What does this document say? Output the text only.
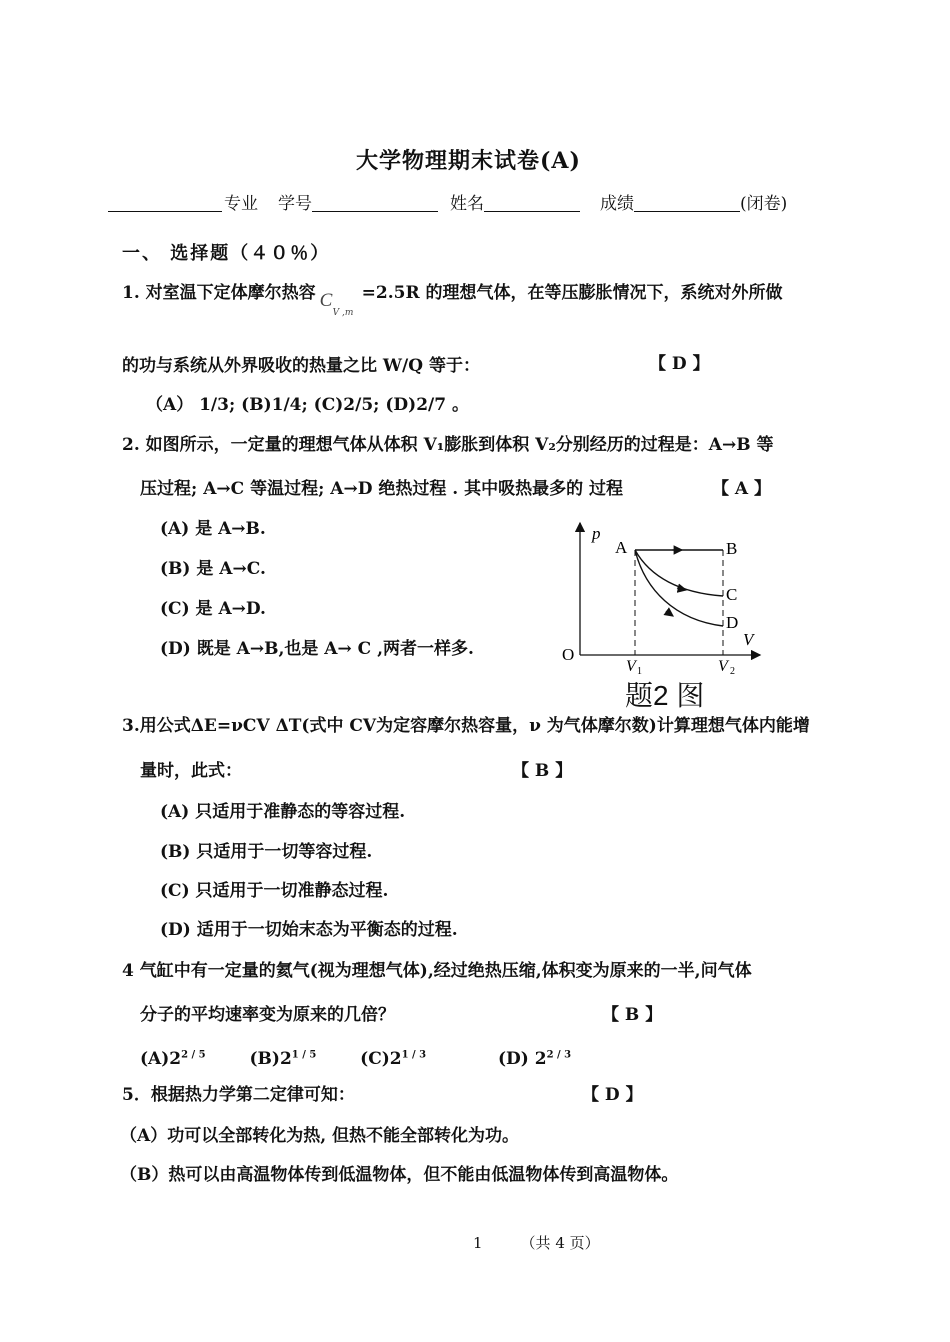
大学物理期末试卷(A)
专业 学号	姓名	成绩	(闭卷)
一、 选择题（４０％）
1. 对室温下定体摩尔热容 C
V ,m
=2.5R 的理想气体，在等压膨胀情况下，系统对外所做
的功与系统从外界吸收的热量之比 W/Q 等于：	【 D 】
（A） 1/3; (B)1/4; (C)2/5; (D)2/7 。
2. 如图所示，一定量的理想气体从体积 V₁膨胀到体积 V₂分别经历的过程是：A→B 等
压过程; A→C 等温过程; A→D 绝热过程 . 其中吸热最多的 过程	【 A 】
(A) 是 A→B.
(B) 是 A→C.
(C) 是 A→D.
(D) 既是 A→B,也是 A→ C ,两者一样多.
p
V
O
A	B
C
D
V 1	V 2
题2 图
3.用公式ΔE=νCV ΔT(式中 CV为定容摩尔热容量，ν 为气体摩尔数)计算理想气体内能增
量时，此式：	【 B 】
(A) 只适用于准静态的等容过程.
(B) 只适用于一切等容过程.
(C) 只适用于一切准静态过程.
(D) 适用于一切始末态为平衡态的过程.
4 气缸中有一定量的氦气(视为理想气体),经过绝热压缩,体积变为原来的一半,问气体
分子的平均速率变为原来的几倍？	【 B 】
$(A)2^{2 / 5}$	$(B)2^{1 / 5}$	$(C)2^{1 / 3}$	(D) $2^{2 / 3}$
5．根据热力学第二定律可知：	【 D 】
（A）功可以全部转化为热, 但热不能全部转化为功。
（B）热可以由高温物体传到低温物体，但不能由低温物体传到高温物体。
1	（共 4 页）
